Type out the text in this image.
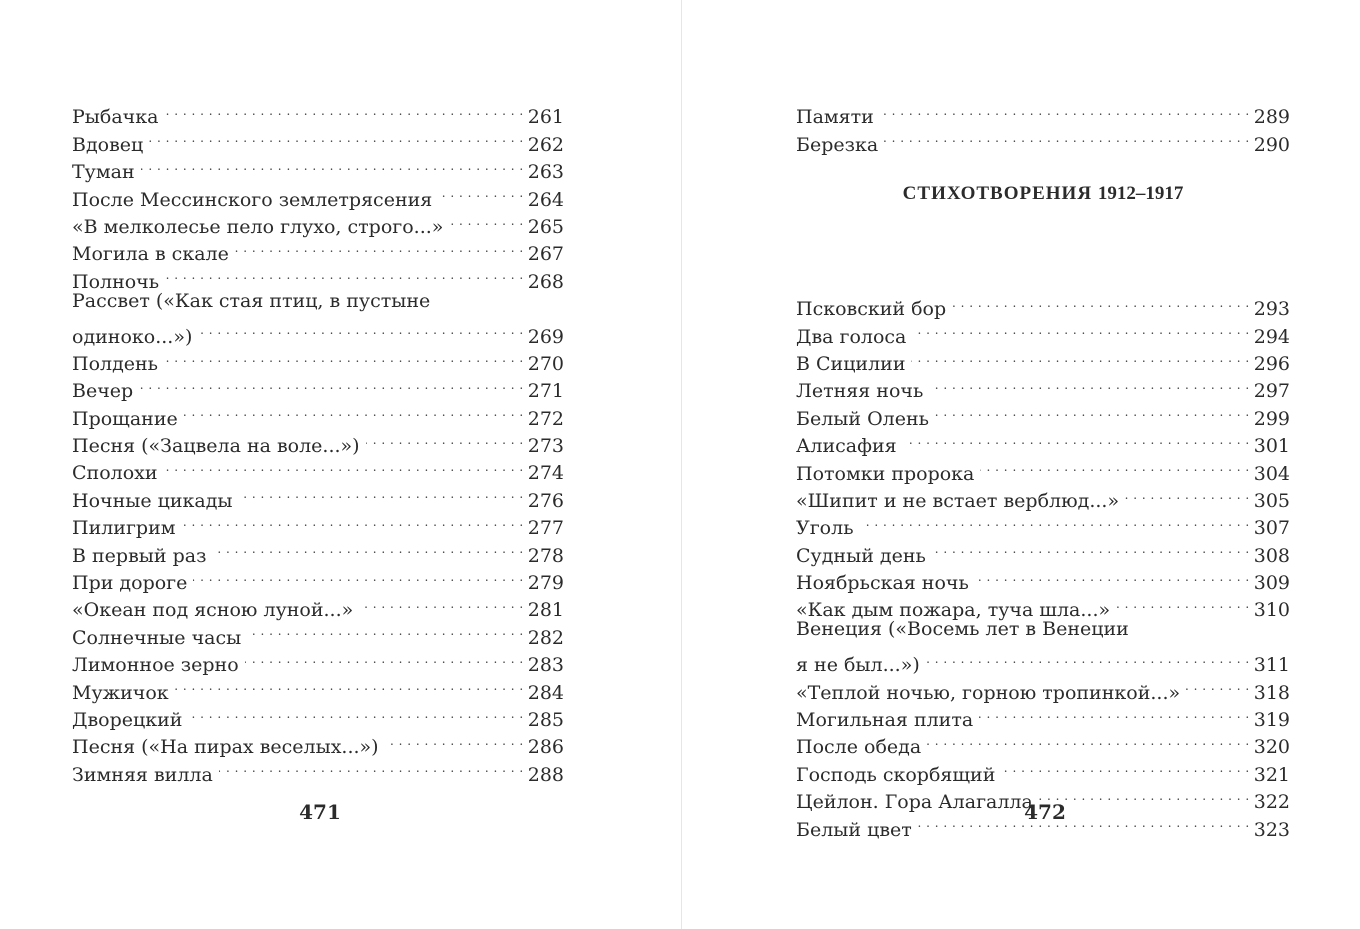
Рыбачка . . .	261
Вдовец . . .	262
Туман . . .	263
После Мессинского землетрясения . . .	264
«В мелколесье пело глухо, строго...» . . .	265
Могила в скале . . .	267
Полночь . . .	268
Рассвет («Как стая птиц, в пустыне
одиноко...») . . .	269
Полдень . . .	270
Вечер . . .	271
Прощание . . .	272
Песня («Зацвела на воле...») . . .	273
Сполохи . . .	274
Ночные цикады . . .	276
Пилигрим . . .	277
В первый раз . . .	278
При дороге . . .	279
«Океан под ясною луной...» . . .	281
Солнечные часы . . .	282
Лимонное зерно . . .	283
Мужичок . . .	284
Дворецкий . . .	285
Песня («На пирах веселых...») . . .	286
Зимняя вилла . . .	288
471
Памяти . . .	289
Березка . . .	290
СТИХОТВОРЕНИЯ 1912–1917
Псковский бор . . .	293
Два голоса . . .	294
В Сицилии . . .	296
Летняя ночь . . .	297
Белый Олень . . .	299
Алисафия . . .	301
Потомки пророка . . .	304
«Шипит и не встает верблюд...» . . .	305
Уголь . . .	307
Судный день . . .	308
Ноябрьская ночь . . .	309
«Как дым пожара, туча шла...» . . .	310
Венеция («Восемь лет в Венеции
я не был...») . . .	311
«Теплой ночью, горною тропинкой...» . . .	318
Могильная плита . . .	319
После обеда . . .	320
Господь скорбящий . . .	321
Цейлон. Гора Алагалла . . .	322
Белый цвет . . .	323
472
